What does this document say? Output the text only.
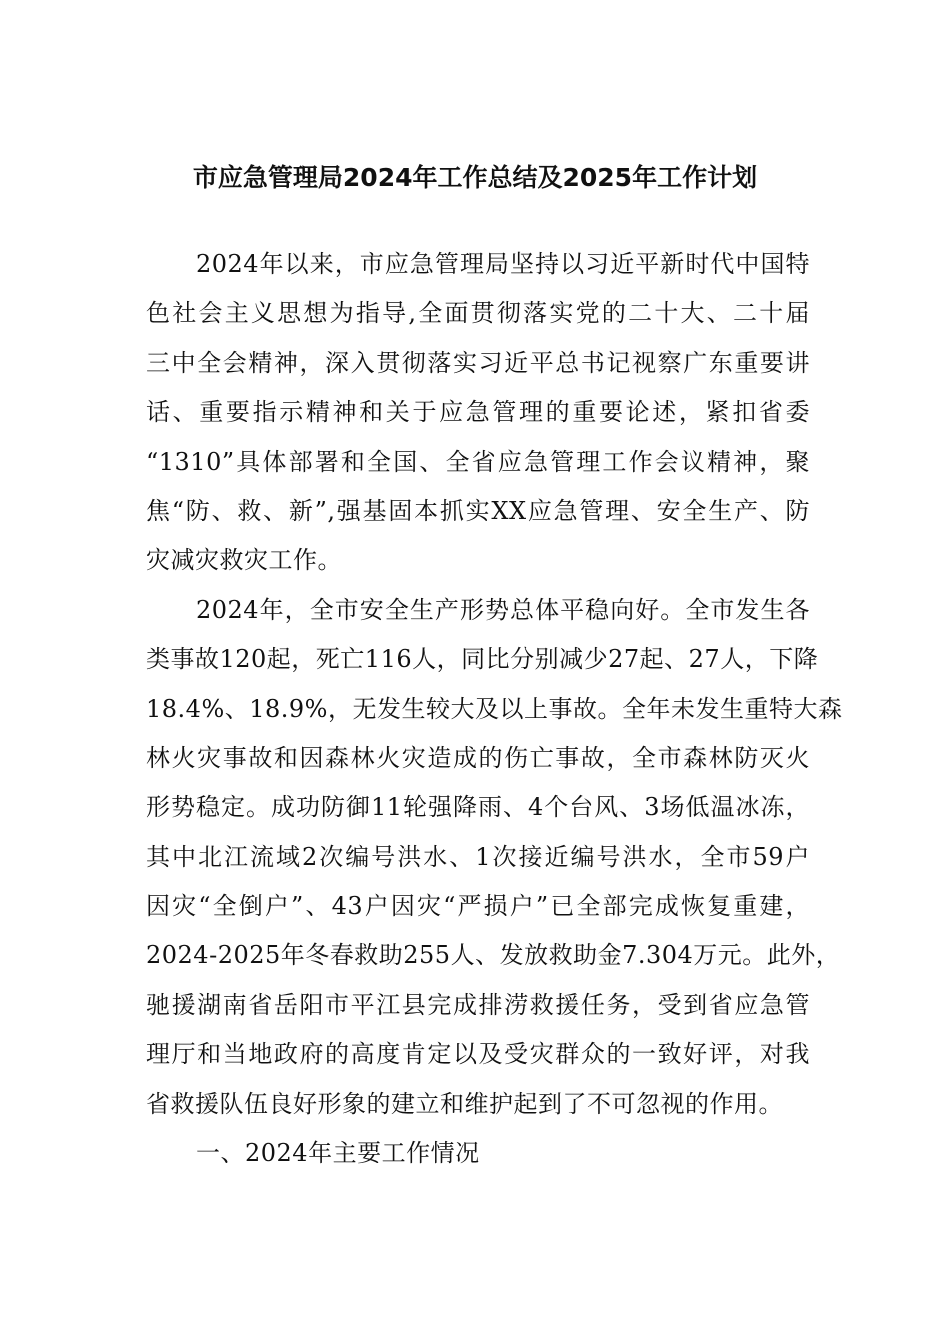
市应急管理局2024年工作总结及2025年工作计划
2024年以来，市应急管理局坚持以习近平新时代中国特
色社会主义思想为指导,全面贯彻落实党的二十大、二十届
三中全会精神，深入贯彻落实习近平总书记视察广东重要讲
话、重要指示精神和关于应急管理的重要论述，紧扣省委
“1310”具体部署和全国、全省应急管理工作会议精神，聚
焦“防、救、新”,强基固本抓实XX应急管理、安全生产、防
灾减灾救灾工作。
2024年，全市安全生产形势总体平稳向好。全市发生各
类事故120起，死亡116人，同比分别减少27起、27人，下降
18.4%、18.9%，无发生较大及以上事故。全年未发生重特大森
林火灾事故和因森林火灾造成的伤亡事故，全市森林防灭火
形势稳定。成功防御11轮强降雨、4个台风、3场低温冰冻，
其中北江流域2次编号洪水、1次接近编号洪水，全市59户
因灾“全倒户”、43户因灾“严损户”已全部完成恢复重建，
2024-2025年冬春救助255人、发放救助金7.304万元。此外，
驰援湖南省岳阳市平江县完成排涝救援任务，受到省应急管
理厅和当地政府的高度肯定以及受灾群众的一致好评，对我
省救援队伍良好形象的建立和维护起到了不可忽视的作用。
一、2024年主要工作情况
